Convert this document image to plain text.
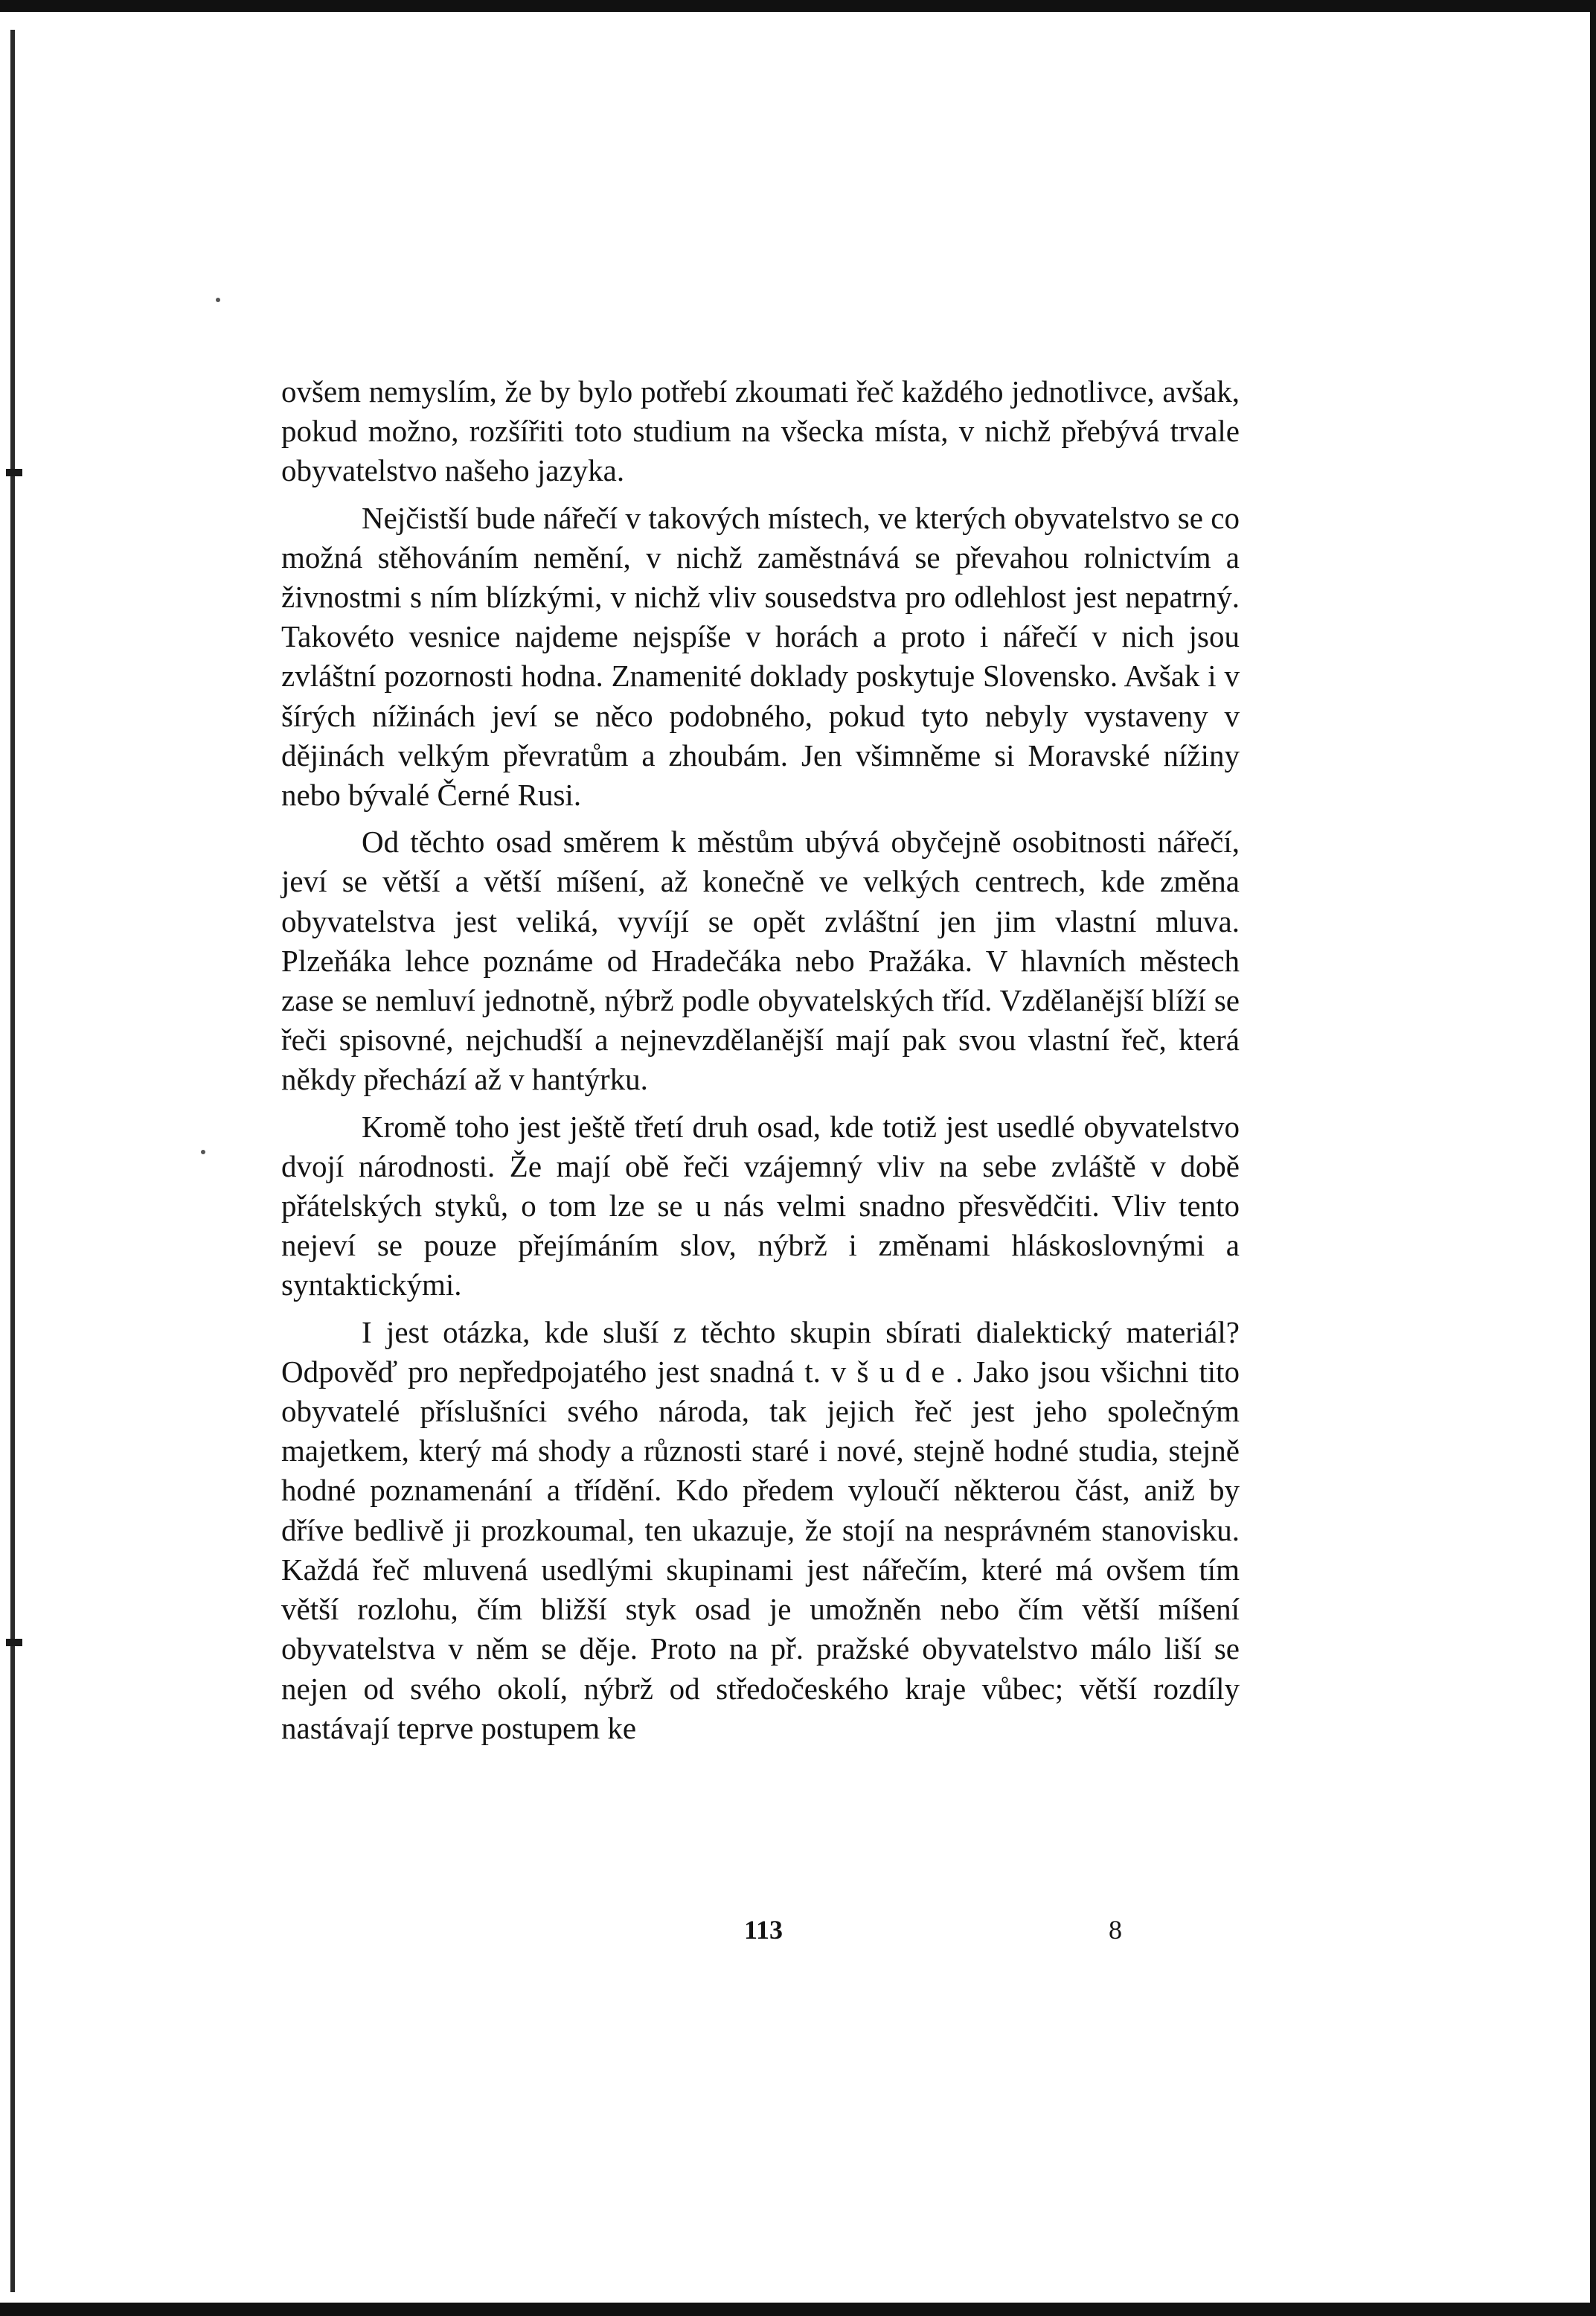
ovšem nemyslím, že by bylo potřebí zkoumati řeč každého jednotlivce, avšak, pokud možno, rozšířiti toto studium na všecka místa, v nichž přebývá trvale obyvatelstvo našeho jazyka.

Nejčistší bude nářečí v takových místech, ve kterých obyvatelstvo se co možná stěhováním nemění, v nichž zaměstnává se převahou rolnictvím a živnostmi s ním blízkými, v nichž vliv sousedstva pro odlehlost jest nepatrný. Takovéto vesnice najdeme nejspíše v horách a proto i nářečí v nich jsou zvláštní pozornosti hodna. Znamenité doklady poskytuje Slovensko. Avšak i v šírých nížinách jeví se něco podobného, pokud tyto nebyly vystaveny v dějinách velkým převratům a zhoubám. Jen všimněme si Moravské nížiny nebo bývalé Černé Rusi.

Od těchto osad směrem k městům ubývá obyčejně osobitnosti nářečí, jeví se větší a větší míšení, až konečně ve velkých centrech, kde změna obyvatelstva jest veliká, vyvíjí se opět zvláštní jen jim vlastní mluva. Plzeňáka lehce poznáme od Hradečáka nebo Pražáka. V hlavních městech zase se nemluví jednotně, nýbrž podle obyvatelských tříd. Vzdělanější blíží se řeči spisovné, nejchudší a nejnevzdělanější mají pak svou vlastní řeč, která někdy přechází až v hantýrku.

Kromě toho jest ještě třetí druh osad, kde totiž jest usedlé obyvatelstvo dvojí národnosti. Že mají obě řeči vzájemný vliv na sebe zvláště v době přátelských styků, o tom lze se u nás velmi snadno přesvědčiti. Vliv tento nejeví se pouze přejímáním slov, nýbrž i změnami hláskoslovnými a syntaktickými.

I jest otázka, kde sluší z těchto skupin sbírati dialektický materiál? Odpověď pro nepředpojatého jest snadná t. všude. Jako jsou všichni tito obyvatelé příslušníci svého národa, tak jejich řeč jest jeho společným majetkem, který má shody a různosti staré i nové, stejně hodné studia, stejně hodné poznamenání a třídění. Kdo předem vyloučí některou část, aniž by dříve bedlivě ji prozkoumal, ten ukazuje, že stojí na nesprávném stanovisku. Každá řeč mluvená usedlými skupinami jest nářečím, které má ovšem tím větší rozlohu, čím bližší styk osad je umožněn nebo čím větší míšení obyvatelstva v něm se děje. Proto na př. pražské obyvatelstvo málo liší se nejen od svého okolí, nýbrž od středočeského kraje vůbec; větší rozdíly nastávají teprve postupem ke

113	8
